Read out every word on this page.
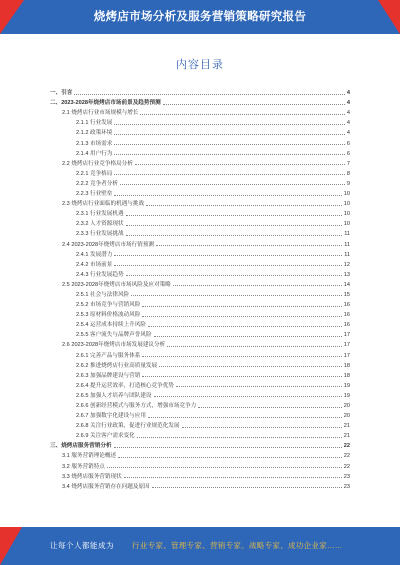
烧烤店市场分析及服务营销策略研究报告
内容目录
一、引言	4
二、2023-2028年烧烤店市场前景及趋势预测	4
2.1 烧烤店行业市场规模与增长	4
2.1.1 行业发展	4
2.1.2 政策环境	4
2.1.3 市场需求	6
2.1.4 用户行为	6
2.2 烧烤店行业竞争格局分析	7
2.2.1 竞争格局	8
2.2.2 竞争者分析	9
2.2.3 行业壁垒	10
2.3 烧烤店行业面临的机遇与挑战	10
2.3.1 行业发展机遇	10
2.3.2 人才资源现状	10
2.3.3 行业发展挑战	11
2.4 2023-2028年烧烤店市场行情预测	11
2.4.1 发展潜力	11
2.4.2 市场前景	12
2.4.3 行业发展趋势	13
2.5 2023-2028年烧烤店市场风险及应对策略	14
2.5.1 社会与法律风险	15
2.5.2 市场竞争与营销风险	16
2.5.3 原材料价格波动风险	16
2.5.4 运营成本持续上升风险	16
2.5.5 客户流失与品牌声誉风险	17
2.6 2023-2028年烧烤店市场发展建议分析	17
2.6.1 完善产品与服务体系	17
2.6.2 推进烧烤店行业高质量发展	18
2.6.3 加强品牌建设与营销	18
2.6.4 提升运营效率，打造核心竞争优势	19
2.6.5 加强人才培养与团队建设	19
2.6.6 创新经营模式与服务方式，增强市场竞争力	20
2.6.7 加强数字化建设与应用	20
2.6.8 关注行业政策，促进行业规范化发展	21
2.6.9 关注客户需求变化	21
三、烧烤店服务营销分析	22
3.1 服务营销理论概述	22
3.2 服务营销特点	22
3.3 烧烤店服务营销现状	23
3.4 烧烤店服务营销存在问题及原因	23
让每个人都能成为 行业专家、管理专家、营销专家、战略专家、成功企业家……
